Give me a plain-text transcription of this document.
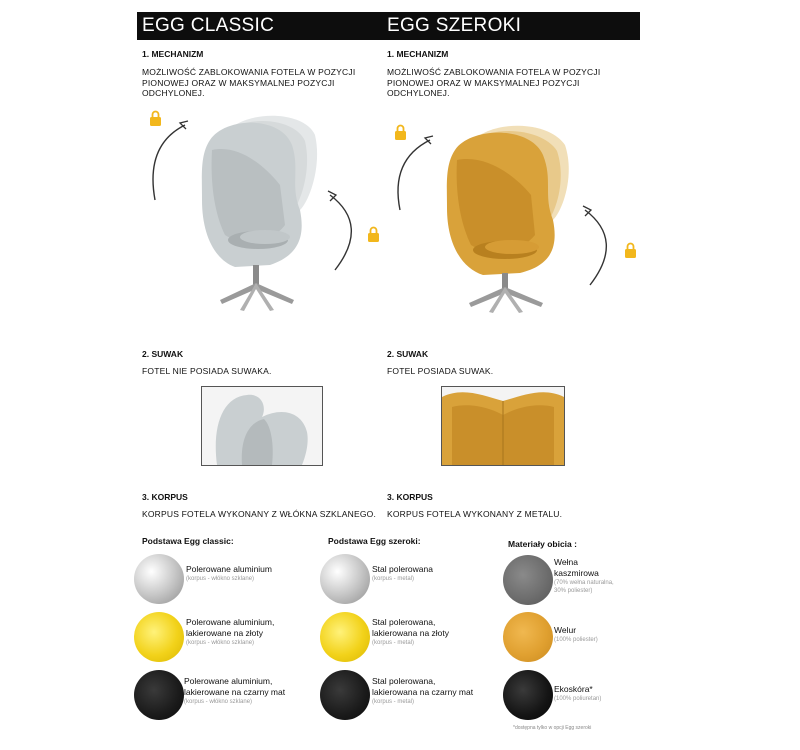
EGG CLASSIC	EGG SZEROKI
1. MECHANIZM
MOŻLIWOŚĆ ZABLOKOWANIA FOTELA W POZYCJI
PIONOWEJ ORAZ W MAKSYMALNEJ POZYCJI
ODCHYLONEJ.
2. SUWAK
FOTEL NIE POSIADA SUWAKA.
3. KORPUS
KORPUS FOTELA WYKONANY Z WŁÓKNA SZKLANEGO.
1. MECHANIZM
MOŻLIWOŚĆ ZABLOKOWANIA FOTELA W POZYCJI
PIONOWEJ ORAZ W MAKSYMALNEJ POZYCJI
ODCHYLONEJ.
2. SUWAK
FOTEL POSIADA SUWAK.
3. KORPUS
KORPUS FOTELA WYKONANY Z METALU.
Podstawa Egg classic:
Polerowane aluminium
(korpus - włókno szklane)
Polerowane aluminium,
lakierowane na złoty
(korpus - włókno szklane)
Polerowane aluminium,
lakierowane na czarny mat
(korpus - włókno szklane)
Podstawa Egg szeroki:
Stal polerowana
(korpus - metal)
Stal polerowana,
lakierowana na złoty
(korpus - metal)
Stal polerowana,
lakierowana na czarny mat
(korpus - metal)
Materiały obicia :
Wełna
kaszmirowa
(70% wełna naturalna,
30% poliester)
Welur
(100% poliester)
Ekoskóra*
(100% poliuretan)
*dostępna tylko w opcji Egg szeroki
